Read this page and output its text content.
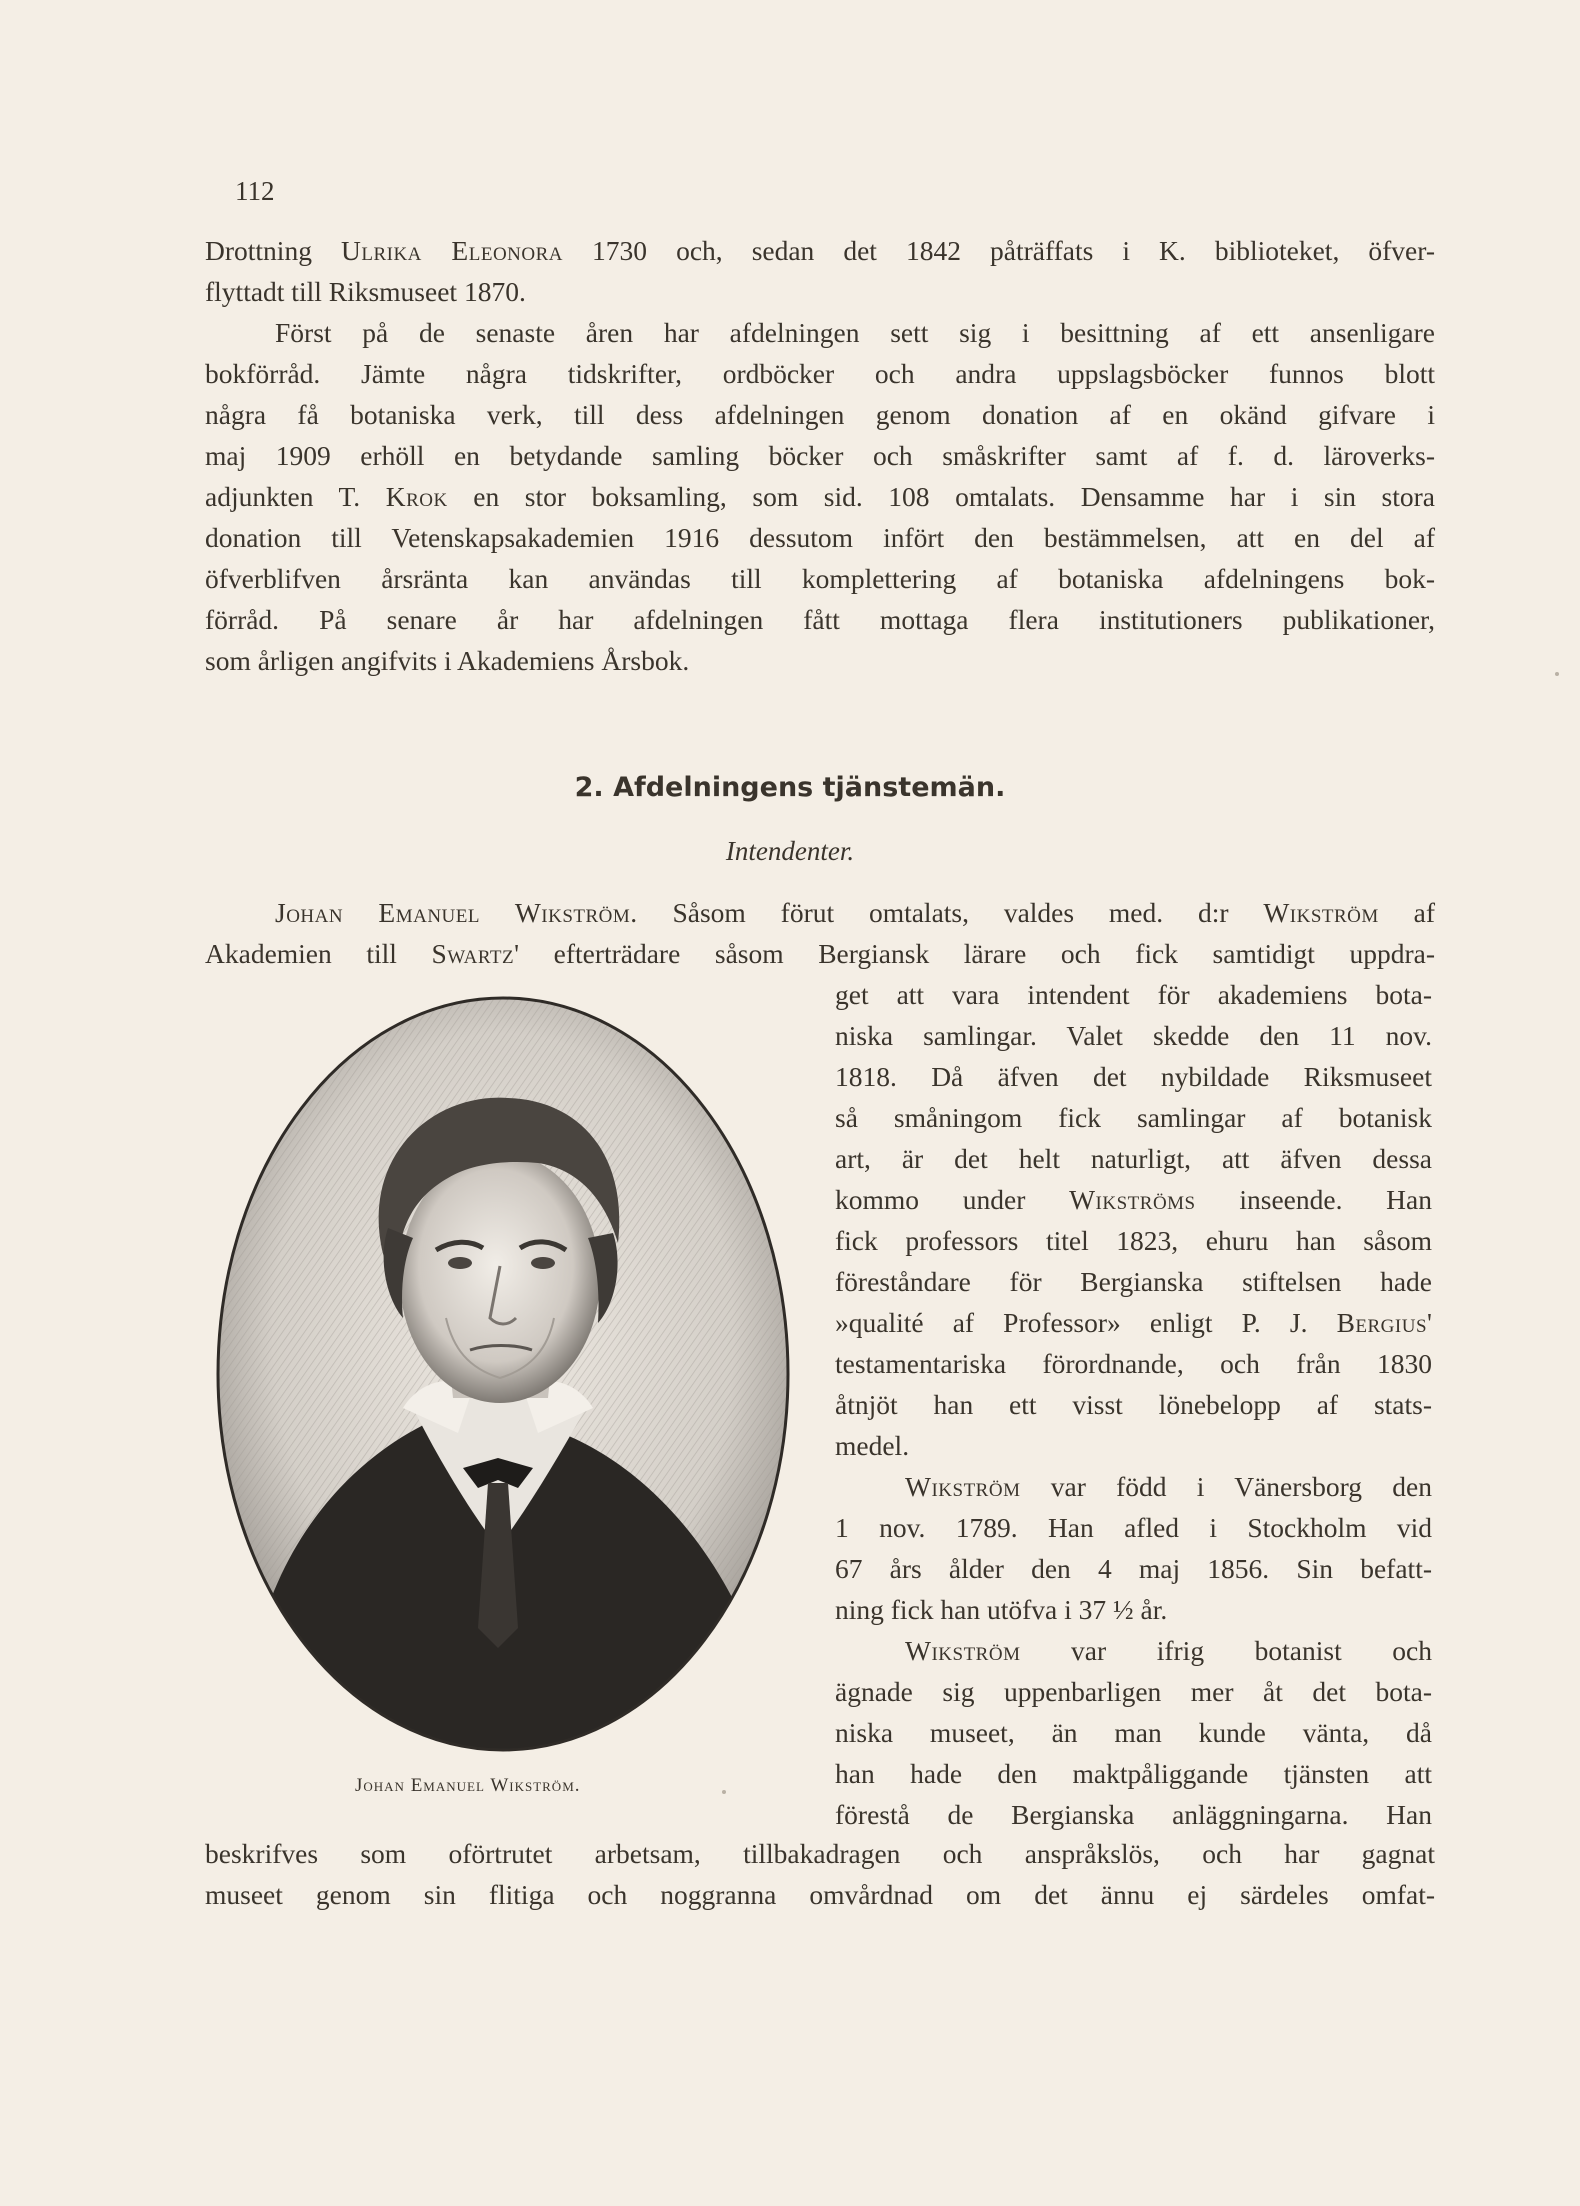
112
Drottning Ulrika Eleonora 1730 och, sedan det 1842 påträffats i K. biblioteket, öfver-
flyttadt till Riksmuseet 1870.
Först på de senaste åren har afdelningen sett sig i besittning af ett ansenligare
bokförråd. Jämte några tidskrifter, ordböcker och andra uppslagsböcker funnos blott
några få botaniska verk, till dess afdelningen genom donation af en okänd gifvare i
maj 1909 erhöll en betydande samling böcker och småskrifter samt af f. d. läroverks-
adjunkten T. Krok en stor boksamling, som sid. 108 omtalats. Densamme har i sin stora
donation till Vetenskapsakademien 1916 dessutom infört den bestämmelsen, att en del af
öfverblifven årsränta kan användas till komplettering af botaniska afdelningens bok-
förråd. På senare år har afdelningen fått mottaga flera institutioners publikationer,
som årligen angifvits i Akademiens Årsbok.
2. Afdelningens tjänstemän.
Intendenter.
Johan Emanuel Wikström. Såsom förut omtalats, valdes med. d:r Wikström af
Akademien till Swartz' efterträdare såsom Bergiansk lärare och fick samtidigt uppdra-
get att vara intendent för akademiens bota-
niska samlingar. Valet skedde den 11 nov.
1818. Då äfven det nybildade Riksmuseet
så småningom fick samlingar af botanisk
art, är det helt naturligt, att äfven dessa
kommo under Wikströms inseende. Han
fick professors titel 1823, ehuru han såsom
föreståndare för Bergianska stiftelsen hade
»qualité af Professor» enligt P. J. Bergius'
testamentariska förordnande, och från 1830
åtnjöt han ett visst lönebelopp af stats-
medel.
Wikström var född i Vänersborg den
1 nov. 1789. Han afled i Stockholm vid
67 års ålder den 4 maj 1856. Sin befatt-
ning fick han utöfva i 37 ½ år.
Wikström var ifrig botanist och
ägnade sig uppenbarligen mer åt det bota-
niska museet, än man kunde vänta, då
han hade den maktpåliggande tjänsten att
förestå de Bergianska anläggningarna. Han
beskrifves som oförtrutet arbetsam, tillbakadragen och anspråkslös, och har gagnat
museet genom sin flitiga och noggranna omvårdnad om det ännu ej särdeles omfat-
Johan Emanuel Wikström.
